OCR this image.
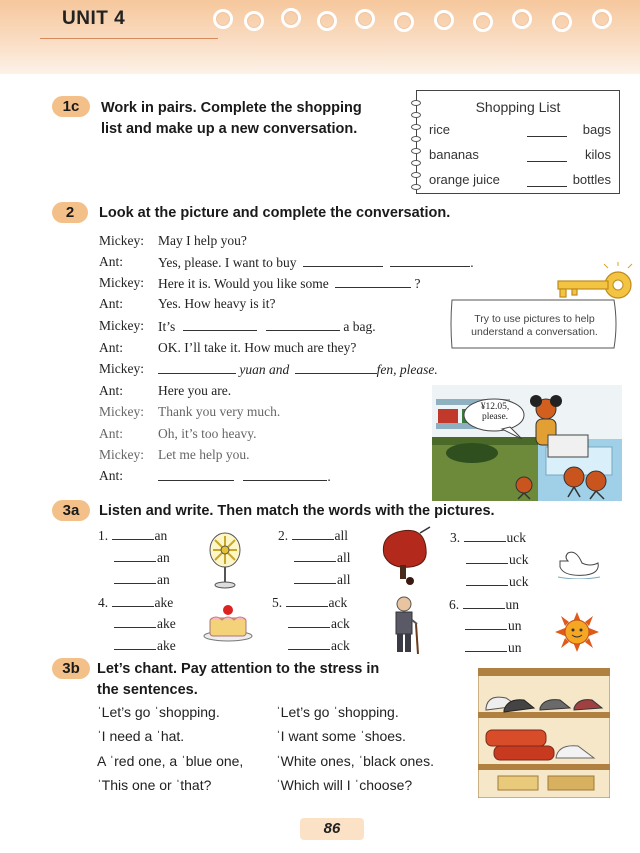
UNIT 4
1c	Work in pairs. Complete the shopping
list and make up a new conversation.
Shopping List
rice	bags
bananas	kilos
orange juice	bottles
2	Look at the picture and complete the conversation.
Mickey: May I help you?
Ant:	Yes, please. I want to buy	.
Mickey: Here it is. Would you like some	?
Ant:	Yes. How heavy is it?
Mickey: It’s	a bag.
Ant:	OK. I’ll take it. How much are they?
Mickey:	yuan and	fen, please.
Ant:	Here you are.
Mickey: Thank you very much.
Ant:	Oh, it’s too heavy.
Mickey: Let me help you.
Ant:	.
Try to use pictures to help
understand a conversation.
¥12.05,
please.
3a	Listen and write. Then match the words with the pictures.
1.	an
an
an
2.	all
all
all
3.	uck
uck
uck
4.	ake
ake
ake
5.	ack
ack
ack
6.	un
un
un
3b	Let’s chant. Pay attention to the stress in
the sentences.
ˈLet’s go ˈshopping.
ˈI need a ˈhat.
A ˈred one, a ˈblue one,
ˈThis one or ˈthat?
ˈLet’s go ˈshopping.
ˈI want some ˈshoes.
ˈWhite ones, ˈblack ones.
ˈWhich will I ˈchoose?
86
